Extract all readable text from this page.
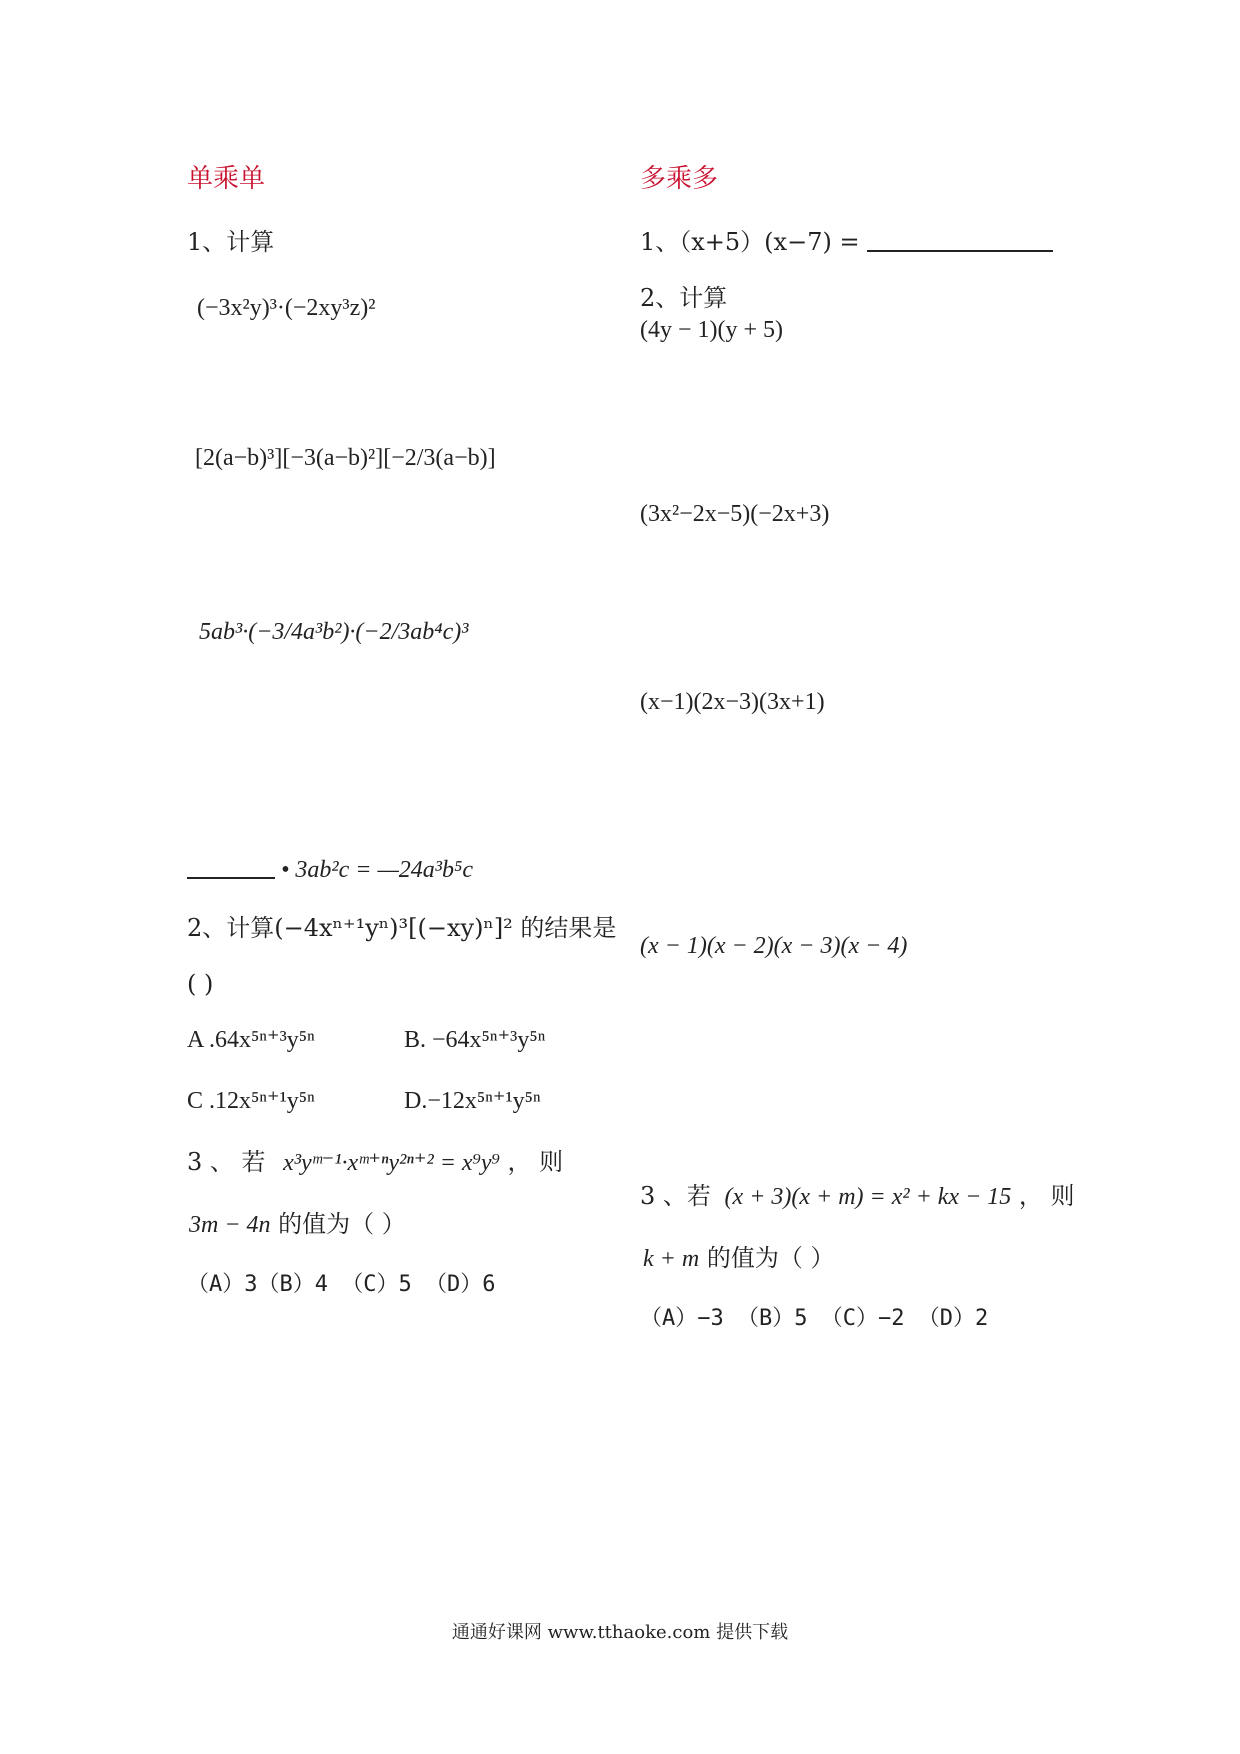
单乘单
1、计算
(−3x²y)³·(−2xy³z)²
[2(a−b)³][−3(a−b)²][−2/3(a−b)]
5ab³·(−3/4a³b²)·(−2/3ab⁴c)³
• 3ab²c = —24a³b⁵c
2、计算(−4xⁿ⁺¹yⁿ)³[(−xy)ⁿ]² 的结果是
( )
A .64x⁵ⁿ⁺³y⁵ⁿ	B. −64x⁵ⁿ⁺³y⁵ⁿ
C .12x⁵ⁿ⁺¹y⁵ⁿ	D.−12x⁵ⁿ⁺¹y⁵ⁿ
3 、 若 x³yᵐ⁻¹·xᵐ⁺ⁿy²ⁿ⁺² = x⁹y⁹ ， 则
3m − 4n 的值为（ ）
（A）3（B）4 （C）5 （D）6
多乘多
1、（x+5）(x−7) =
2、计算
(4y − 1)(y + 5)
(3x²−2x−5)(−2x+3)
(x−1)(2x−3)(3x+1)
(x − 1)(x − 2)(x − 3)(x − 4)
3 、若 (x + 3)(x + m) = x² + kx − 15 ， 则
k + m 的值为（ ）
（A）−3 （B）5 （C）−2 （D）2
通通好课网 www.tthaoke.com 提供下载
